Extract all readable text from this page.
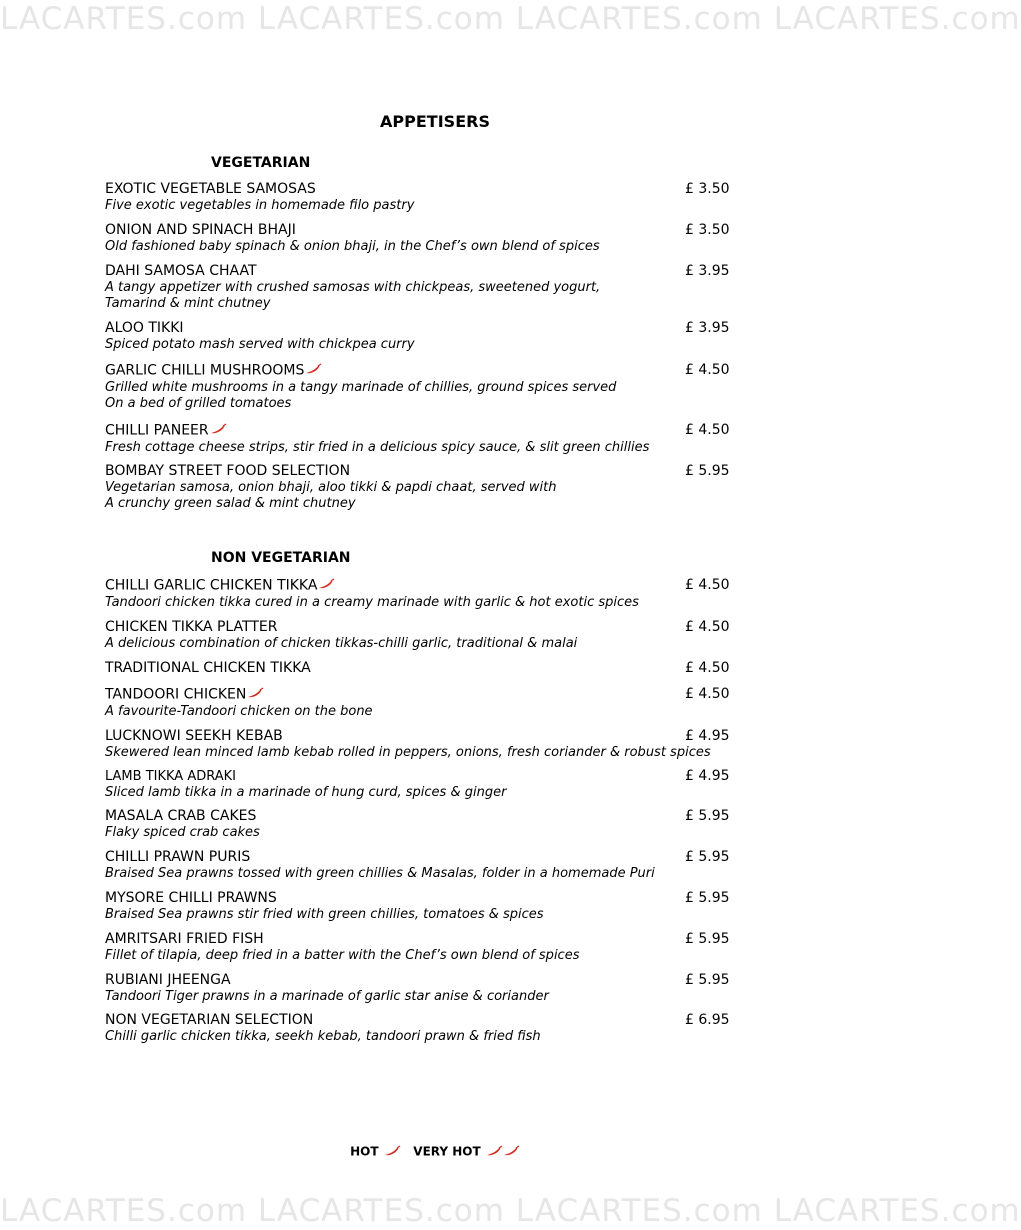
LACARTES.com LACARTES.com LACARTES.com LACARTES.com
APPETISERS
VEGETARIAN
EXOTIC VEGETABLE SAMOSAS
Five exotic vegetables in homemade filo pastry
£ 3.50
ONION AND SPINACH BHAJI
Old fashioned baby spinach & onion bhaji, in the Chef’s own blend of spices
£ 3.50
DAHI SAMOSA CHAAT
A tangy appetizer with crushed samosas with chickpeas, sweetened yogurt,
Tamarind & mint chutney
£ 3.95
ALOO TIKKI
Spiced potato mash served with chickpea curry
£ 3.95
GARLIC CHILLI MUSHROOMS
Grilled white mushrooms in a tangy marinade of chillies, ground spices served
On a bed of grilled tomatoes
£ 4.50
CHILLI PANEER
Fresh cottage cheese strips, stir fried in a delicious spicy sauce, & slit green chillies
£ 4.50
BOMBAY STREET FOOD SELECTION
Vegetarian samosa, onion bhaji, aloo tikki & papdi chaat, served with
A crunchy green salad & mint chutney
£ 5.95
NON VEGETARIAN
CHILLI GARLIC CHICKEN TIKKA
Tandoori chicken tikka cured in a creamy marinade with garlic & hot exotic spices
£ 4.50
CHICKEN TIKKA PLATTER
A delicious combination of chicken tikkas-chilli garlic, traditional & malai
£ 4.50
TRADITIONAL CHICKEN TIKKA	£ 4.50
TANDOORI CHICKEN
A favourite-Tandoori chicken on the bone
£ 4.50
LUCKNOWI SEEKH KEBAB
Skewered lean minced lamb kebab rolled in peppers, onions, fresh coriander & robust spices
£ 4.95
LAMB TIKKA ADRAKI
Sliced lamb tikka in a marinade of hung curd, spices & ginger
£ 4.95
MASALA CRAB CAKES
Flaky spiced crab cakes
£ 5.95
CHILLI PRAWN PURIS
Braised Sea prawns tossed with green chillies & Masalas, folder in a homemade Puri
£ 5.95
MYSORE CHILLI PRAWNS
Braised Sea prawns stir fried with green chillies, tomatoes & spices
£ 5.95
AMRITSARI FRIED FISH
Fillet of tilapia, deep fried in a batter with the Chef’s own blend of spices
£ 5.95
RUBIANI JHEENGA
Tandoori Tiger prawns in a marinade of garlic star anise & coriander
£ 5.95
NON VEGETARIAN SELECTION
Chilli garlic chicken tikka, seekh kebab, tandoori prawn & fried fish
£ 6.95
HOT	VERY HOT
LACARTES.com LACARTES.com LACARTES.com LACARTES.com
